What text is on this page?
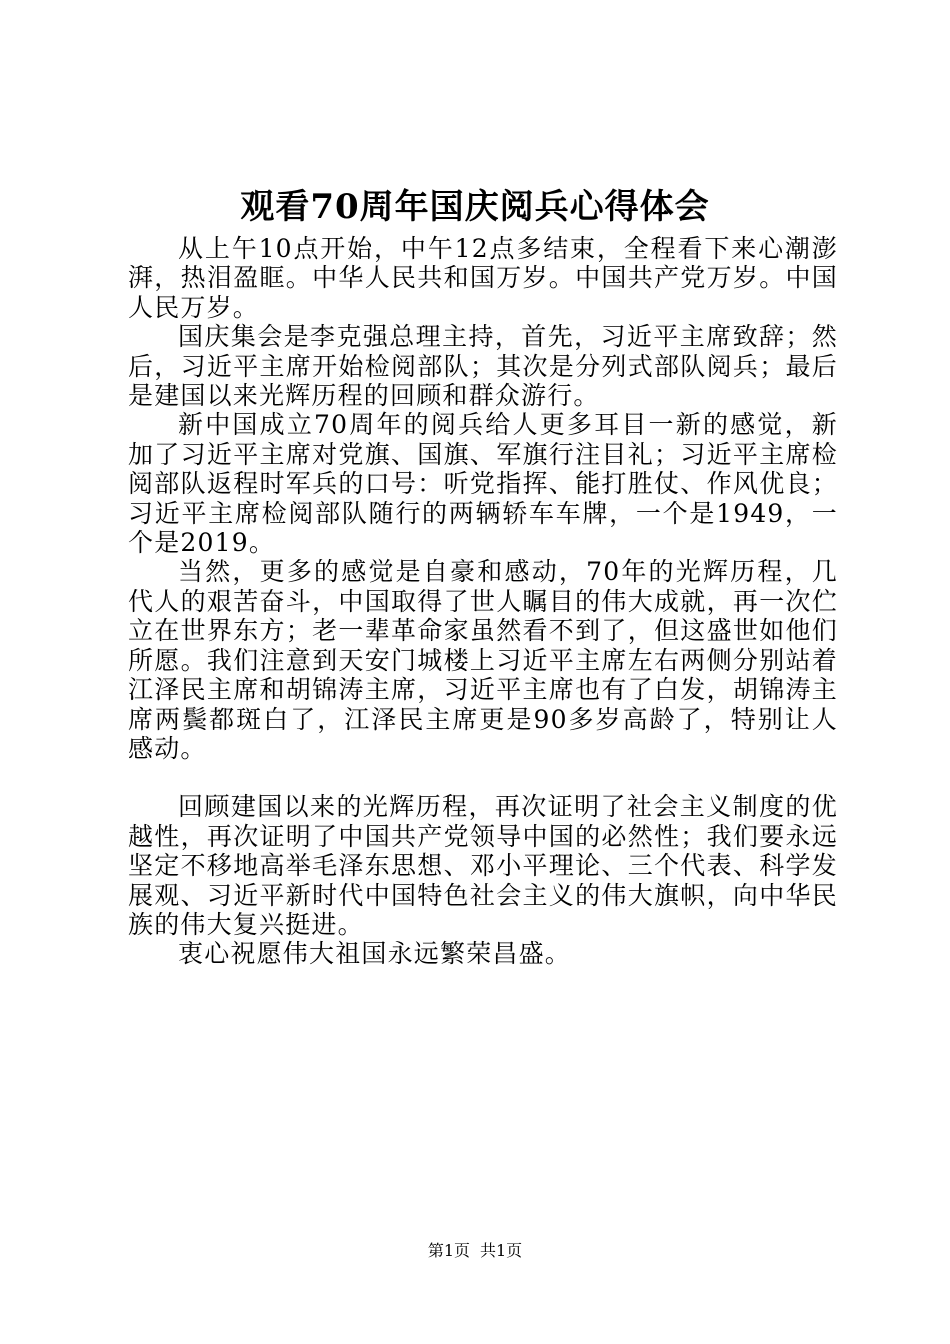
观看70周年国庆阅兵心得体会

从上午10点开始，中午12点多结束，全程看下来心潮澎湃，热泪盈眶。中华人民共和国万岁。中国共产党万岁。中国人民万岁。

国庆集会是李克强总理主持，首先，习近平主席致辞；然后，习近平主席开始检阅部队；其次是分列式部队阅兵；最后是建国以来光辉历程的回顾和群众游行。

新中国成立70周年的阅兵给人更多耳目一新的感觉，新加了习近平主席对党旗、国旗、军旗行注目礼；习近平主席检阅部队返程时军兵的口号：听党指挥、能打胜仗、作风优良；习近平主席检阅部队随行的两辆轿车车牌，一个是1949，一个是2019。

当然，更多的感觉是自豪和感动，70年的光辉历程，几代人的艰苦奋斗，中国取得了世人瞩目的伟大成就，再一次伫立在世界东方；老一辈革命家虽然看不到了，但这盛世如他们所愿。我们注意到天安门城楼上习近平主席左右两侧分别站着江泽民主席和胡锦涛主席，习近平主席也有了白发，胡锦涛主席两鬓都斑白了，江泽民主席更是90多岁高龄了，特别让人感动。

回顾建国以来的光辉历程，再次证明了社会主义制度的优越性，再次证明了中国共产党领导中国的必然性；我们要永远坚定不移地高举毛泽东思想、邓小平理论、三个代表、科学发展观、习近平新时代中国特色社会主义的伟大旗帜，向中华民族的伟大复兴挺进。

衷心祝愿伟大祖国永远繁荣昌盛。

第1页 共1页
